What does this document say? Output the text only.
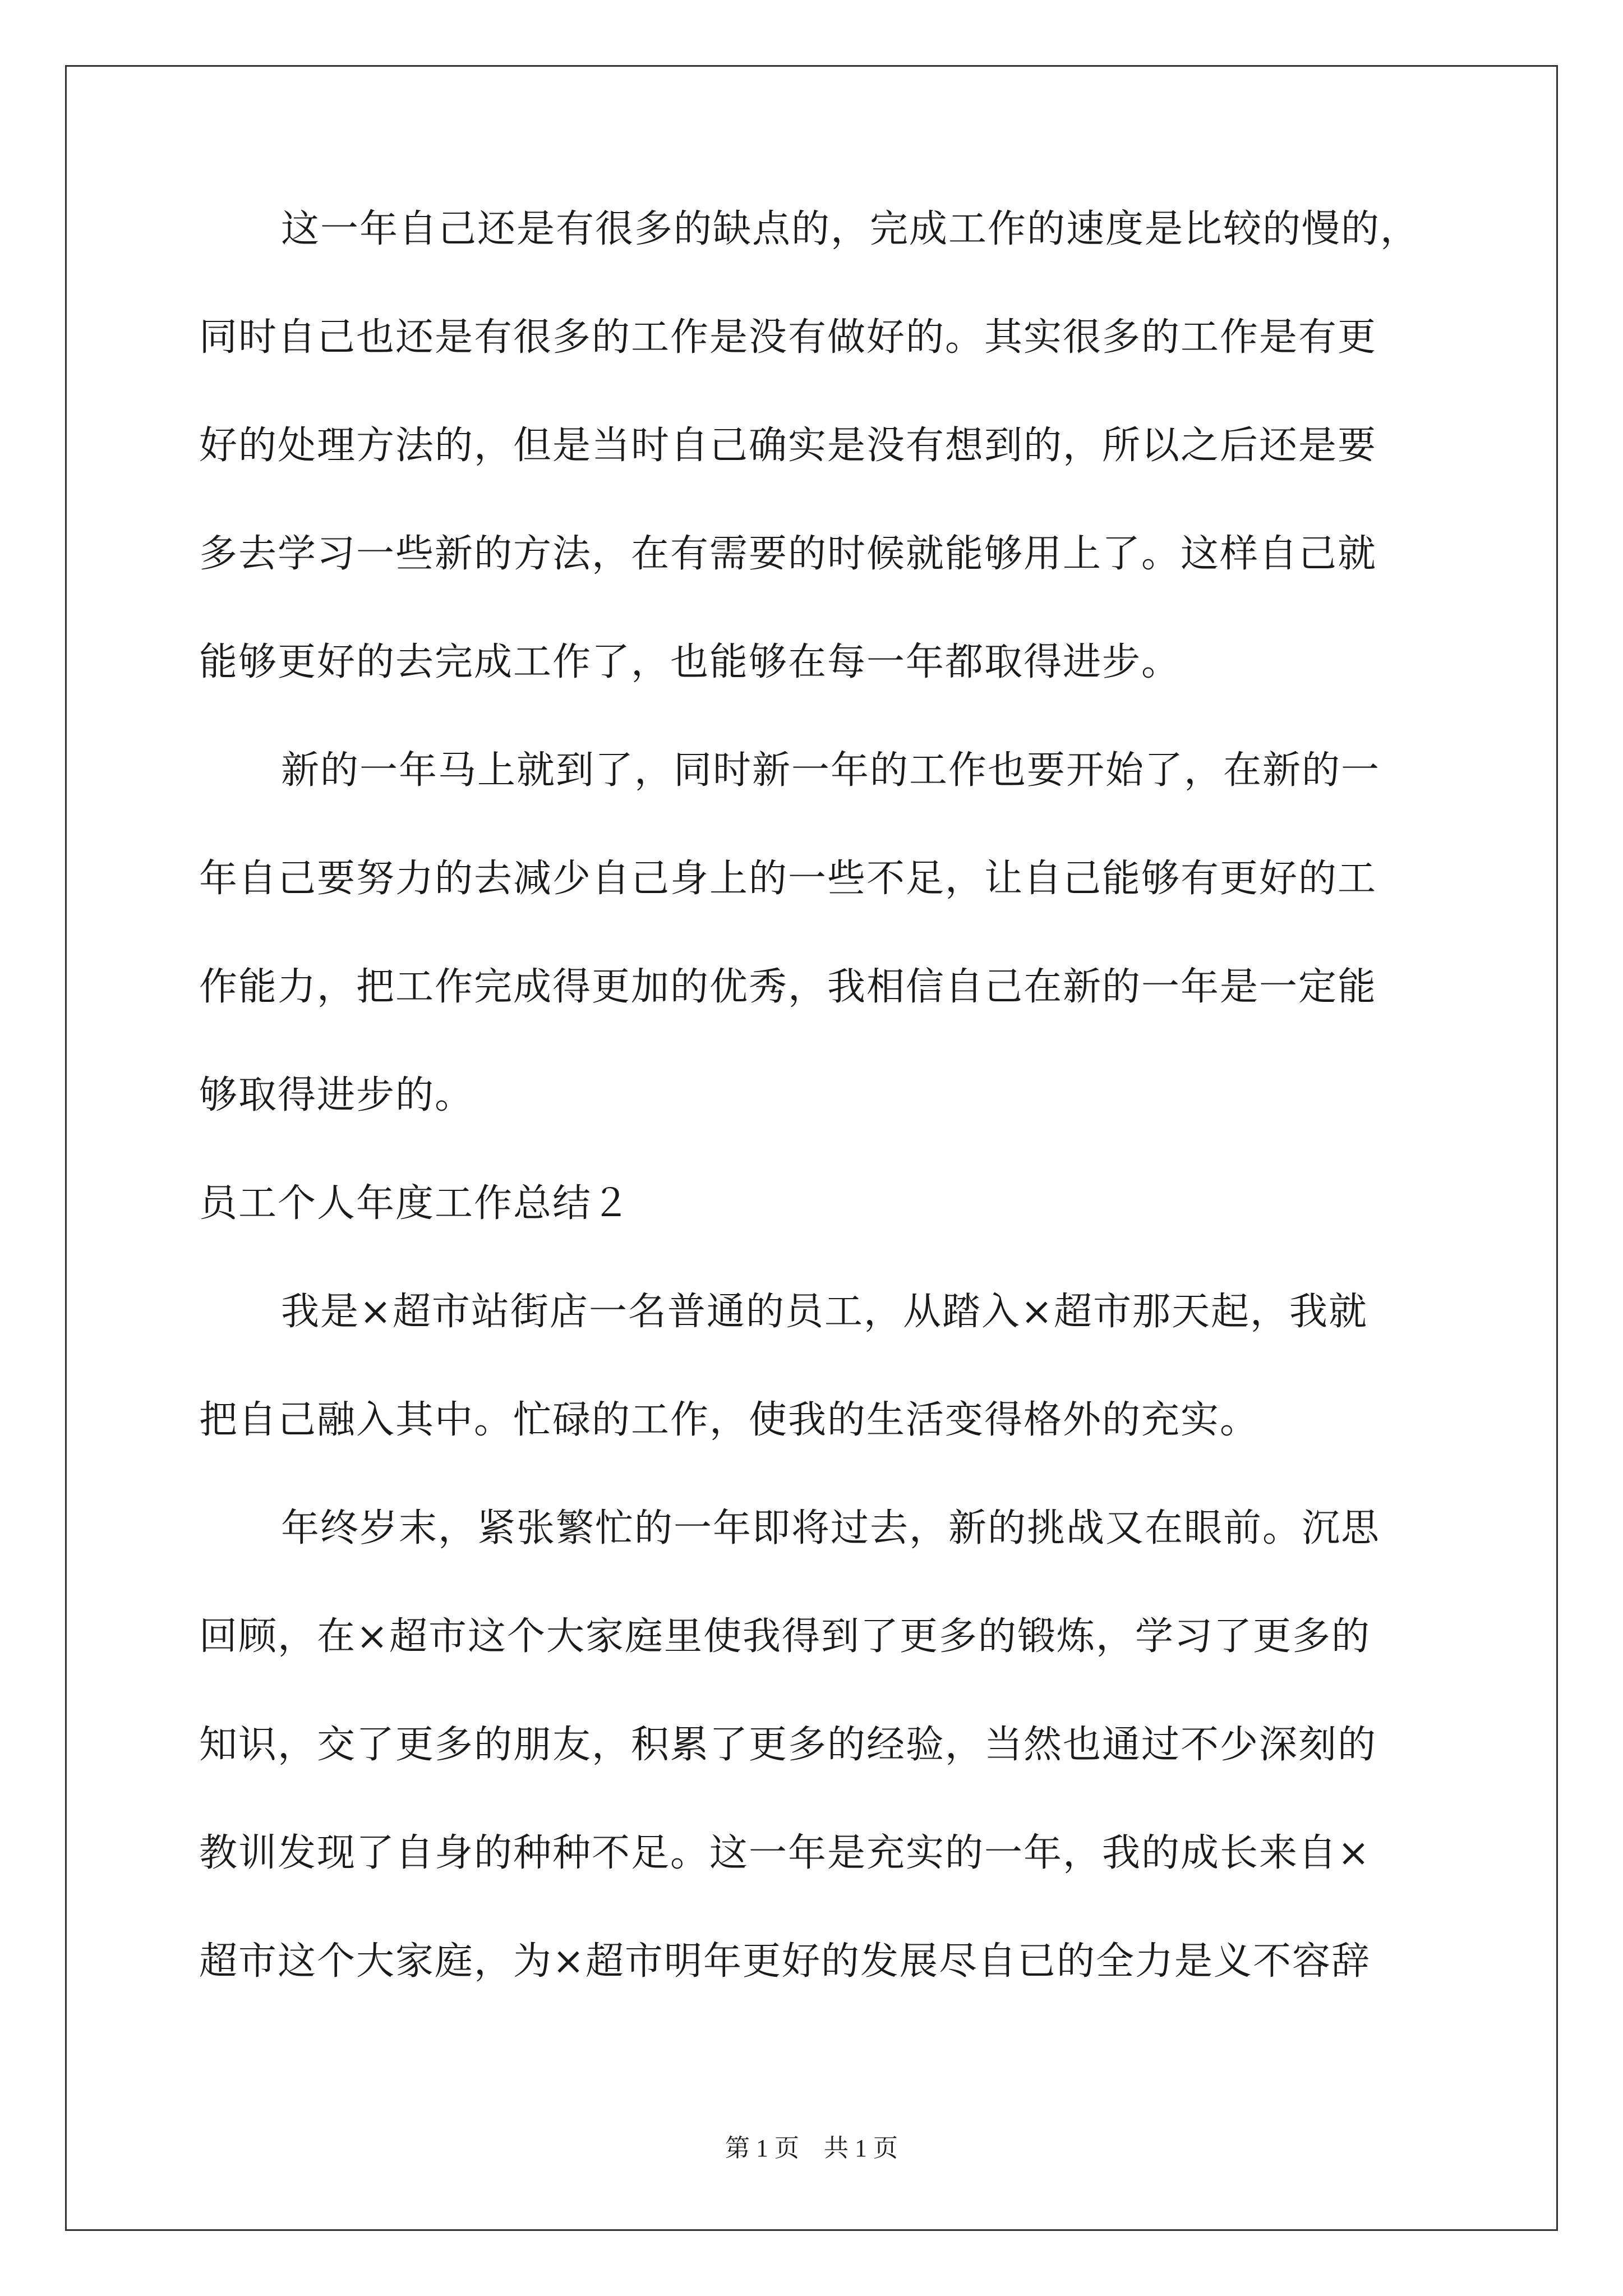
这一年自己还是有很多的缺点的，完成工作的速度是比较的慢的，
同时自己也还是有很多的工作是没有做好的。其实很多的工作是有更
好的处理方法的，但是当时自己确实是没有想到的，所以之后还是要
多去学习一些新的方法，在有需要的时候就能够用上了。这样自己就
能够更好的去完成工作了，也能够在每一年都取得进步。
新的一年马上就到了，同时新一年的工作也要开始了，在新的一
年自己要努力的去减少自己身上的一些不足，让自己能够有更好的工
作能力，把工作完成得更加的优秀，我相信自己在新的一年是一定能
够取得进步的。
员工个人年度工作总结２
我是×超市站街店一名普通的员工，从踏入×超市那天起，我就
把自己融入其中。忙碌的工作，使我的生活变得格外的充实。
年终岁末，紧张繁忙的一年即将过去，新的挑战又在眼前。沉思
回顾，在×超市这个大家庭里使我得到了更多的锻炼，学习了更多的
知识，交了更多的朋友，积累了更多的经验，当然也通过不少深刻的
教训发现了自身的种种不足。这一年是充实的一年，我的成长来自×
超市这个大家庭，为×超市明年更好的发展尽自已的全力是义不容辞
第 1 页　共 1 页
